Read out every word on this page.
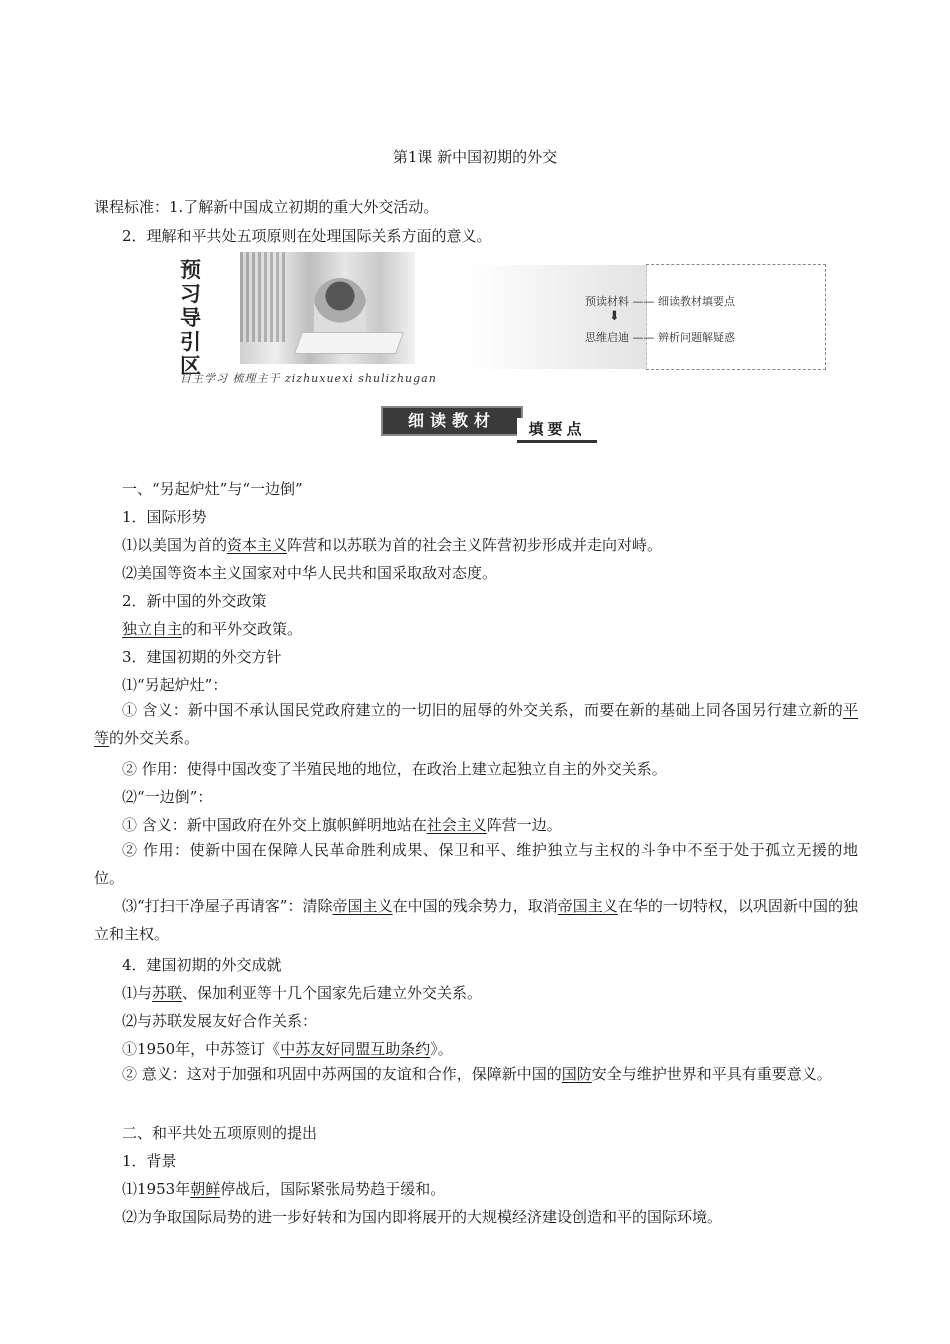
第1课 新中国初期的外交
课程标准：1.了解新中国成立初期的重大外交活动。
2．理解和平共处五项原则在处理国际关系方面的意义。
预习导引区
自主学习 梳理主干 zizhuxuexi shulizhugan
预读材料 —— 细读教材填要点
⬇
思维启迪 —— 辨析问题解疑惑
细读教材	填要点
一、“另起炉灶”与“一边倒”
1．国际形势
⑴以美国为首的资本主义阵营和以苏联为首的社会主义阵营初步形成并走向对峙。
⑵美国等资本主义国家对中华人民共和国采取敌对态度。
2．新中国的外交政策
独立自主的和平外交政策。
3．建国初期的外交方针
⑴“另起炉灶”：
① 含义：新中国不承认国民党政府建立的一切旧的屈辱的外交关系，而要在新的基础上同各国另行建立新的平等的外交关系。
② 作用：使得中国改变了半殖民地的地位，在政治上建立起独立自主的外交关系。
⑵“一边倒”：
① 含义：新中国政府在外交上旗帜鲜明地站在社会主义阵营一边。
② 作用：使新中国在保障人民革命胜利成果、保卫和平、维护独立与主权的斗争中不至于处于孤立无援的地位。
⑶“打扫干净屋子再请客”：清除帝国主义在中国的残余势力，取消帝国主义在华的一切特权，以巩固新中国的独立和主权。
4．建国初期的外交成就
⑴与苏联、保加利亚等十几个国家先后建立外交关系。
⑵与苏联发展友好合作关系：
①1950年，中苏签订《中苏友好同盟互助条约》。
② 意义：这对于加强和巩固中苏两国的友谊和合作，保障新中国的国防安全与维护世界和平具有重要意义。
二、和平共处五项原则的提出
1．背景
⑴1953年朝鲜停战后，国际紧张局势趋于缓和。
⑵为争取国际局势的进一步好转和为国内即将展开的大规模经济建设创造和平的国际环境。
